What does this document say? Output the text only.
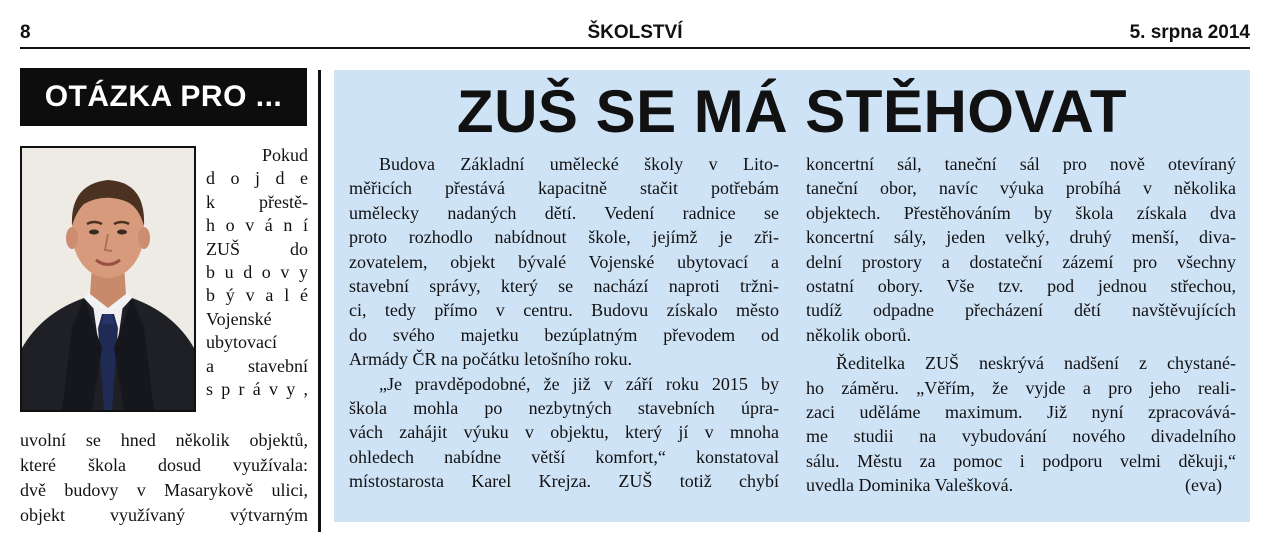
8	ŠKOLSTVÍ	5. srpna 2014
OTÁZKA PRO ...
Pokud
d o j d e
k přestě-
h o v á n í
ZUŠ do
b u d o v y
b ý v a l é
Vojenské
ubytovací
a stavební
s p r á v y ,
uvolní se hned několik objektů,
které škola dosud využívala:
dvě budovy v Masarykově ulici,
objekt využívaný výtvarným
ZUŠ SE MÁ STĚHOVAT
Budova Základní umělecké školy v Lito-
měřicích přestává kapacitně stačit potřebám
umělecky nadaných dětí. Vedení radnice se
proto rozhodlo nabídnout škole, jejímž je zři-
zovatelem, objekt bývalé Vojenské ubytovací a
stavební správy, který se nachází naproti tržni-
ci, tedy přímo v centru. Budovu získalo město
do svého majetku bezúplatným převodem od
Armády ČR na počátku letošního roku.
„Je pravděpodobné, že již v září roku 2015 by
škola mohla po nezbytných stavebních úpra-
vách zahájit výuku v objektu, který jí v mnoha
ohledech nabídne větší komfort,“ konstatoval
místostarosta Karel Krejza. ZUŠ totiž chybí
koncertní sál, taneční sál pro nově otevíraný
taneční obor, navíc výuka probíhá v několika
objektech. Přestěhováním by škola získala dva
koncertní sály, jeden velký, druhý menší, diva-
delní prostory a dostateční zázemí pro všechny
ostatní obory. Vše tzv. pod jednou střechou,
tudíž odpadne přecházení dětí navštěvujících
několik oborů.
Ředitelka ZUŠ neskrývá nadšení z chystané-
ho záměru. „Věřím, že vyjde a pro jeho reali-
zaci uděláme maximum. Již nyní zpracovává-
me studii na vybudování nového divadelního
sálu. Městu za pomoc i podporu velmi děkuji,“
uvedla Dominika Valešková.	(eva)
